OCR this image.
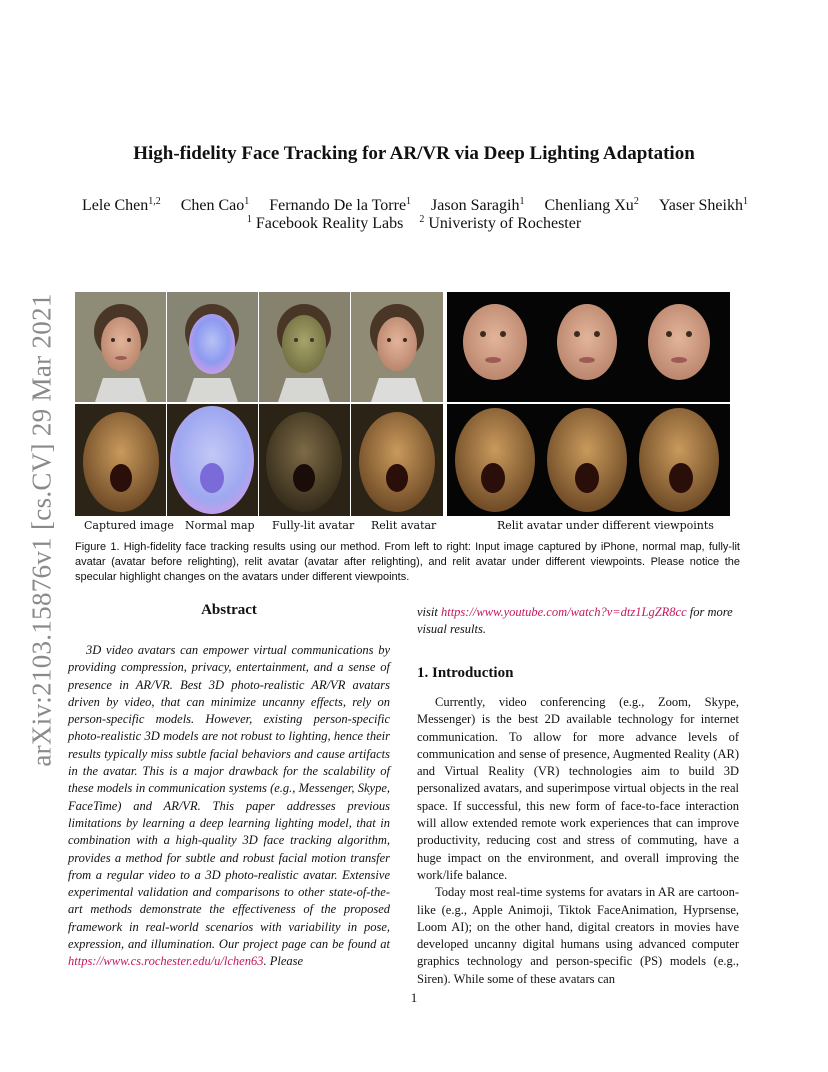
arXiv:2103.15876v1 [cs.CV] 29 Mar 2021
High-fidelity Face Tracking for AR/VR via Deep Lighting Adaptation
Lele Chen$^{1,2}$ Chen Cao$^1$ Fernando De la Torre$^1$ Jason Saragih$^1$ Chenliang Xu$^2$ Yaser Sheikh$^1$
$^1$ Facebook Reality Labs $^2$ Univeristy of Rochester
Captured image Normal map Fully-lit avatar Relit avatar	Relit avatar under different viewpoints
Figure 1. High-fidelity face tracking results using our method. From left to right: Input image captured by iPhone, normal map, fully-lit avatar (avatar before relighting), relit avatar (avatar after relighting), and relit avatar under different viewpoints. Please notice the specular highlight changes on the avatars under different viewpoints.
Abstract

3D video avatars can empower virtual communications by providing compression, privacy, entertainment, and a sense of presence in AR/VR. Best 3D photo-realistic AR/VR avatars driven by video, that can minimize uncanny effects, rely on person-specific models. However, existing person-specific photo-realistic 3D models are not robust to lighting, hence their results typically miss subtle facial behaviors and cause artifacts in the avatar. This is a major drawback for the scalability of these models in communication systems (e.g., Messenger, Skype, FaceTime) and AR/VR. This paper addresses previous limitations by learning a deep learning lighting model, that in combination with a high-quality 3D face tracking algorithm, provides a method for subtle and robust facial motion transfer from a regular video to a 3D photo-realistic avatar. Extensive experimental validation and comparisons to other state-of-the-art methods demonstrate the effectiveness of the proposed framework in real-world scenarios with variability in pose, expression, and illumination. Our project page can be found at https://www.cs.rochester.edu/u/lchen63. Please

visit https://www.youtube.com/watch?v=dtz1LgZR8cc for more visual results.
1. Introduction

Currently, video conferencing (e.g., Zoom, Skype, Messenger) is the best 2D available technology for internet communication. To allow for more advance levels of communication and sense of presence, Augmented Reality (AR) and Virtual Reality (VR) technologies aim to build 3D personalized avatars, and superimpose virtual objects in the real space. If successful, this new form of face-to-face interaction will allow extended remote work experiences that can improve productivity, reducing cost and stress of commuting, have a huge impact on the environment, and overall improving the work/life balance.

Today most real-time systems for avatars in AR are cartoon-like (e.g., Apple Animoji, Tiktok FaceAnimation, Hyprsense, Loom AI); on the other hand, digital creators in movies have developed uncanny digital humans using advanced computer graphics technology and person-specific (PS) models (e.g., Siren). While some of these avatars can

1
